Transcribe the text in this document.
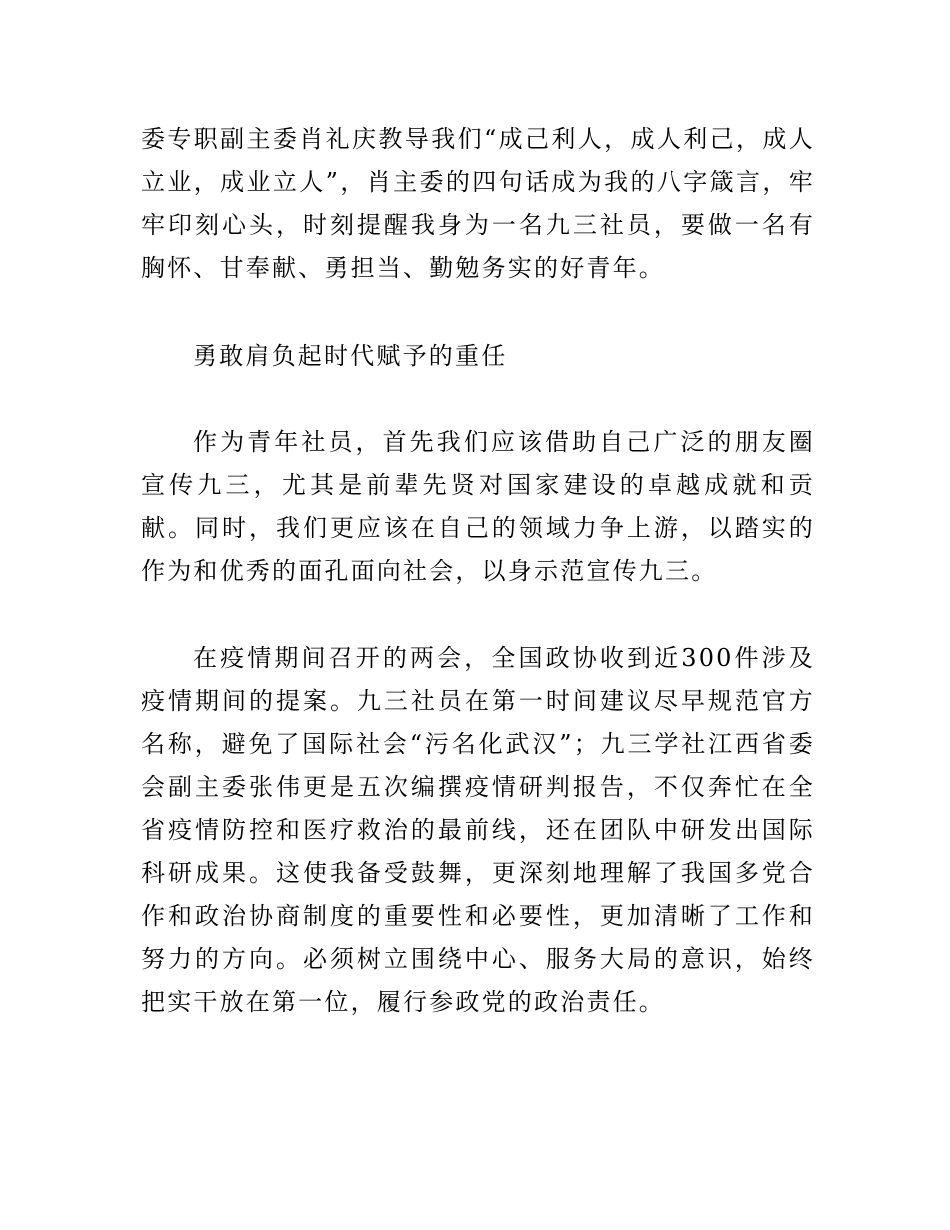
委专职副主委肖礼庆教导我们“成己利人，成人利己，成人立业，成业立人”，肖主委的四句话成为我的八字箴言，牢牢印刻心头，时刻提醒我身为一名九三社员，要做一名有胸怀、甘奉献、勇担当、勤勉务实的好青年。

勇敢肩负起时代赋予的重任

作为青年社员，首先我们应该借助自己广泛的朋友圈宣传九三，尤其是前辈先贤对国家建设的卓越成就和贡献。同时，我们更应该在自己的领域力争上游，以踏实的作为和优秀的面孔面向社会，以身示范宣传九三。

在疫情期间召开的两会，全国政协收到近300件涉及疫情期间的提案。九三社员在第一时间建议尽早规范官方名称，避免了国际社会“污名化武汉”；九三学社江西省委会副主委张伟更是五次编撰疫情研判报告，不仅奔忙在全省疫情防控和医疗救治的最前线，还在团队中研发出国际科研成果。这使我备受鼓舞，更深刻地理解了我国多党合作和政治协商制度的重要性和必要性，更加清晰了工作和努力的方向。必须树立围绕中心、服务大局的意识，始终把实干放在第一位，履行参政党的政治责任。
